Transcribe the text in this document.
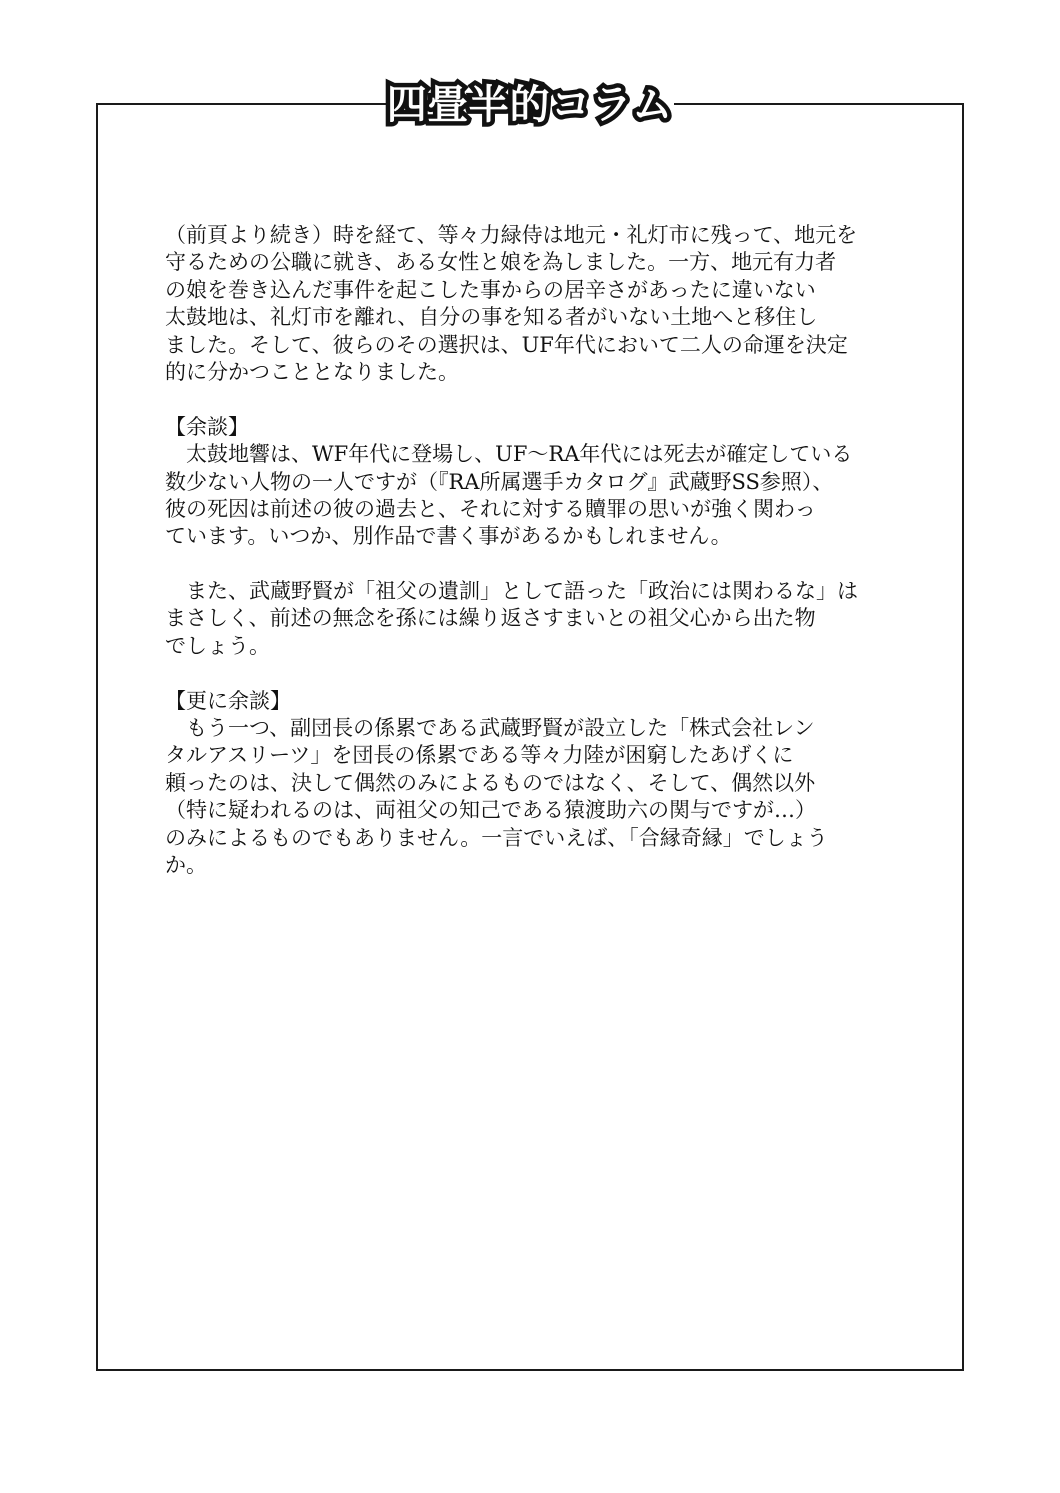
四畳半的コラム

（前頁より続き）時を経て、等々力緑侍は地元・礼灯市に残って、地元を
守るための公職に就き、ある女性と娘を為しました。一方、地元有力者
の娘を巻き込んだ事件を起こした事からの居辛さがあったに違いない
太鼓地は、礼灯市を離れ、自分の事を知る者がいない土地へと移住し
ました。そして、彼らのその選択は、UF年代において二人の命運を決定
的に分かつこととなりました。

【余談】
　太鼓地響は、WF年代に登場し、UF～RA年代には死去が確定している
数少ない人物の一人ですが（『RA所属選手カタログ』武蔵野SS参照）、
彼の死因は前述の彼の過去と、それに対する贖罪の思いが強く関わっ
ています。いつか、別作品で書く事があるかもしれません。

　また、武蔵野賢が「祖父の遺訓」として語った「政治には関わるな」は
まさしく、前述の無念を孫には繰り返さすまいとの祖父心から出た物
でしょう。

【更に余談】
　もう一つ、副団長の係累である武蔵野賢が設立した「株式会社レン
タルアスリーツ」を団長の係累である等々力陸が困窮したあげくに
頼ったのは、決して偶然のみによるものではなく、そして、偶然以外
（特に疑われるのは、両祖父の知己である猿渡助六の関与ですが…）
のみによるものでもありません。一言でいえば、「合縁奇縁」でしょう
か。
